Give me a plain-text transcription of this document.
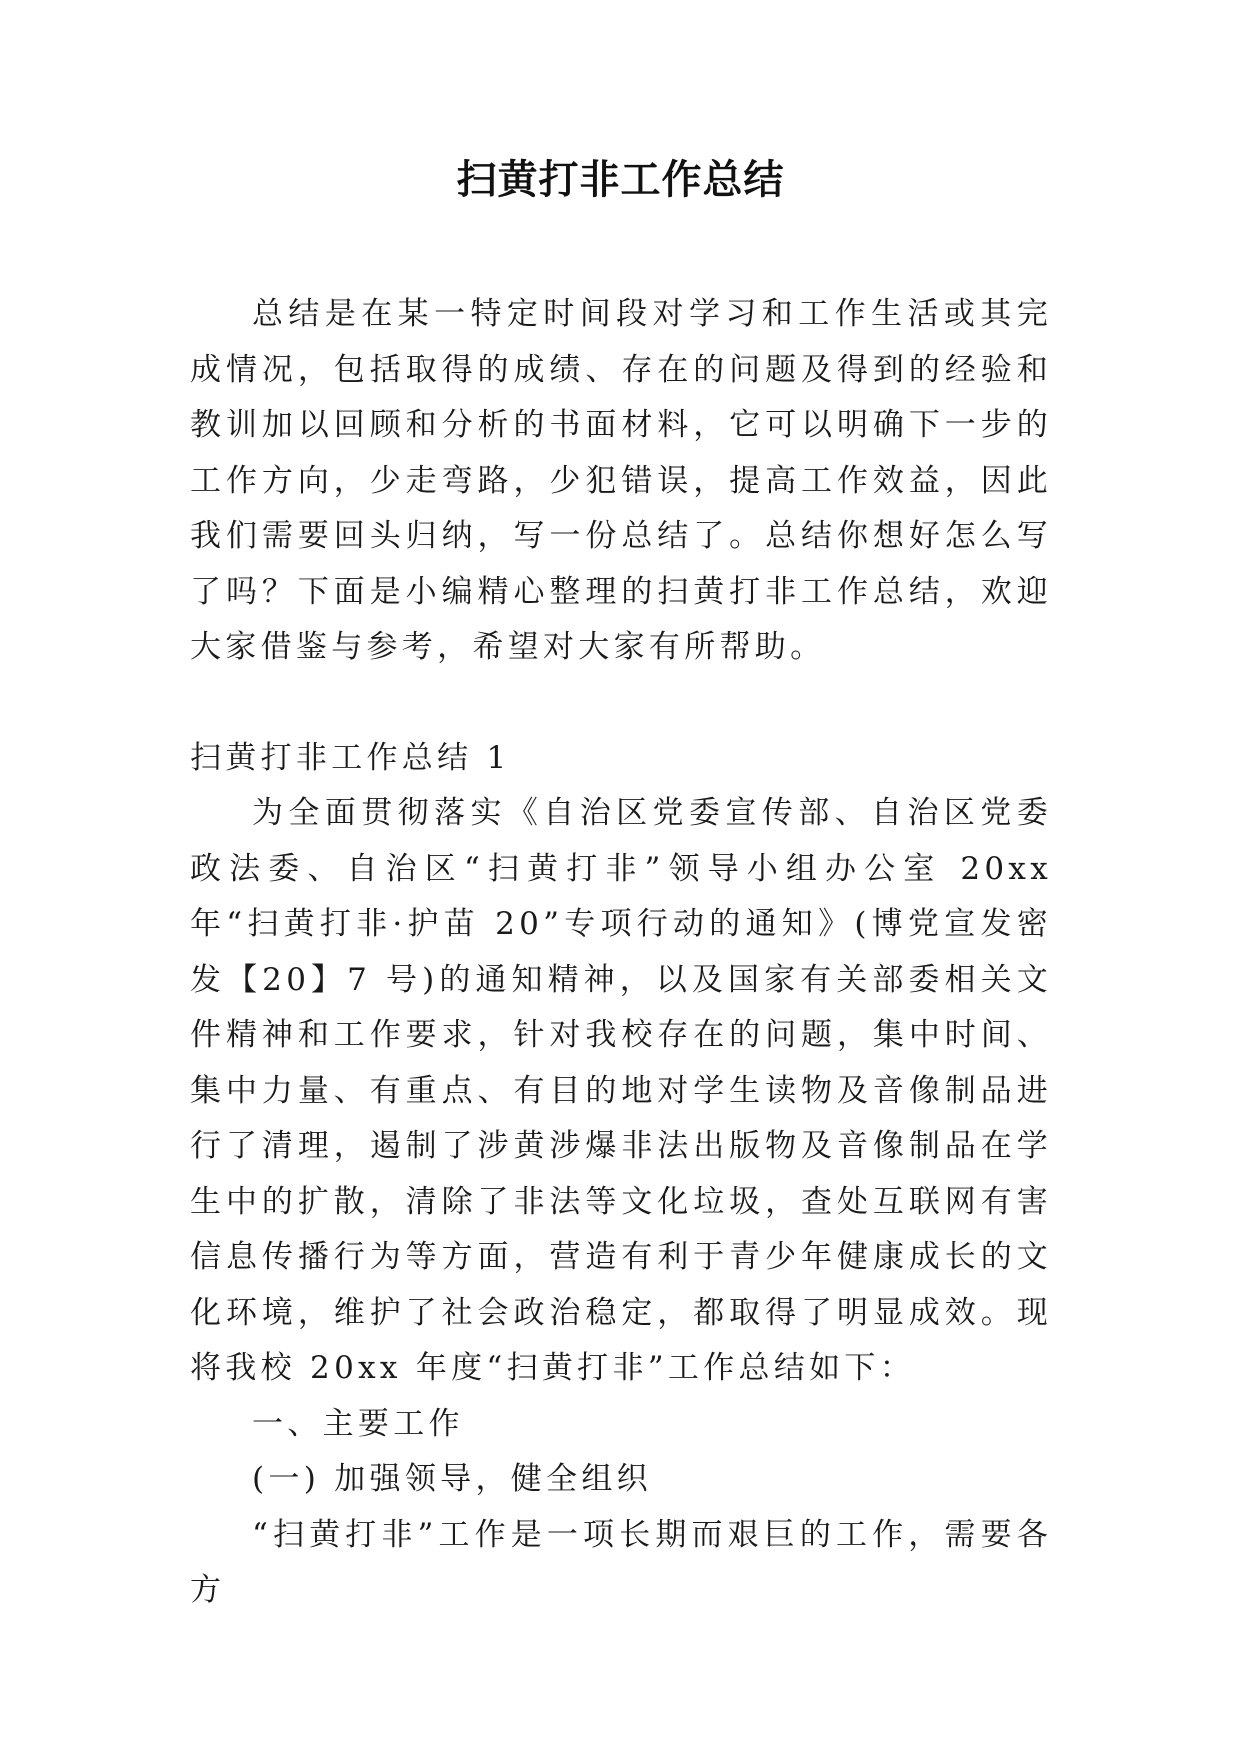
扫黄打非工作总结

总结是在某一特定时间段对学习和工作生活或其完成情况，包括取得的成绩、存在的问题及得到的经验和教训加以回顾和分析的书面材料，它可以明确下一步的工作方向，少走弯路，少犯错误，提高工作效益，因此我们需要回头归纳，写一份总结了。总结你想好怎么写了吗？下面是小编精心整理的扫黄打非工作总结，欢迎大家借鉴与参考，希望对大家有所帮助。

扫黄打非工作总结 1

为全面贯彻落实《自治区党委宣传部、自治区党委政法委、自治区“扫黄打非”领导小组办公室 20xx 年“扫黄打非·护苗 20”专项行动的通知》(博党宣发密发【20】7 号)的通知精神，以及国家有关部委相关文件精神和工作要求，针对我校存在的问题，集中时间、集中力量、有重点、有目的地对学生读物及音像制品进行了清理，遏制了涉黄涉爆非法出版物及音像制品在学生中的扩散，清除了非法等文化垃圾，查处互联网有害信息传播行为等方面，营造有利于青少年健康成长的文化环境，维护了社会政治稳定，都取得了明显成效。现将我校 20xx 年度“扫黄打非”工作总结如下：

一、主要工作

(一) 加强领导，健全组织

“扫黄打非”工作是一项长期而艰巨的工作，需要各方
